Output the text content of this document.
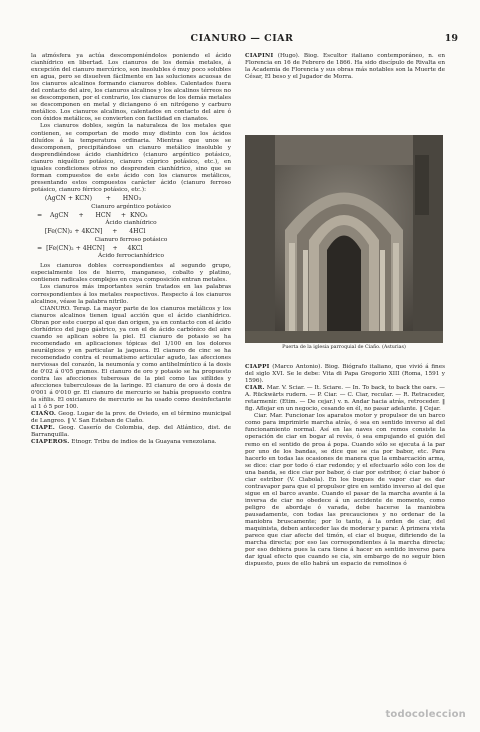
CIANURO — CIAR	19

la atmósfera ya actúa descomponiéndolos poniendo el ácido cianhídrico en libertad. Los cianuros de los demás metales, á excepción del cianuro mercúrico, son insolubles ó muy poco solubles en agua, pero se disuelven fácilmente en las soluciones acuosas de los cianuros alcalinos formando cianuros dobles. Calentados fuera del contacto del aire, los cianuros alcalinos y los alcalinos térreos no se descomponen, por el contrario, los cianuros de los demás metales se descomponen en metal y diciangeno ó en nitrógeno y carburo metálico. Los cianuros alcalinos, calentados en contacto del aire ó con óxidos metálicos, se convierten con facilidad en cianatos.

Los cianuros dobles, según la naturaleza de los metales que contienen, se comportan de modo muy distinto con los ácidos diluídos á la temperatura ordinaria. Mientras que unos se descomponen, precipitándose un cianuro metálico insoluble y desprendiéndose ácido cianhídrico (cianuro argéntico potásico, cianuro niquélico potásico, cianuro cúprico potásico, etc.), en iguales condiciones otros no desprenden cianhídrico, sino que se forman compuestos de este ácido con los cianuros metálicos, presentando estos compuestos carácter ácido (cianuro ferroso potásico, cianuro férrico potásico, etc.):

(AgCN + KCN)       +      HNO₃

Cianuro argéntico potásico

=    AgCN     +      HCN     +  KNO₃

Ácido cianhídrico

[Fe(CN)₂ + 4KCN]     +      4HCl

Cianuro ferroso potásico

=  [Fe(CN)₂ + 4HCN]    +     4KCl

Ácido ferrocianhídrico

Los cianuros dobles correspondientes al segundo grupo, especialmente los de hierro, manganeso, cobalto y platino, contienen radicales complejos en cuya composición entran metales.

Los cianuros más importantes serán tratados en las palabras correspondientes á los metales respectivos. Respecto á los cianuros alcalinos, véase la palabra nitrilo.

CIANURO. Terap. La mayor parte de los cianuros metálicos y los cianuros alcalinos tienen igual acción que el ácido cianhídrico. Obran por este cuerpo al que dan origen, ya en contacto con el ácido clorhídrico del jugo gástrico, ya con el de ácido carbónico del aire cuando se aplican sobre la piel. El cianuro de potasio se ha recomendado en aplicaciones tópicas del 1/100 en los dolores neurálgicos y en particular la jaqueca. El cianuro de cinc se ha recomendado contra el reumatismo articular agudo, las afecciones nerviosas del corazón, la neumonía y como antihelmíntico á la dosis de 0'02 á 0'05 gramos. El cianuro de oro y potasio se ha propuesto contra las afecciones tuberosas de la piel como las sifílides y afecciones tuberculosas de la laringe. El cianuro de oro á dosis de 0'001 á 0'010 gr. El cianuro de mercurio se había propuesto contra la sífilis. El oxicianuro de mercurio se ha usado como desinfectante al 1 ó 5 por 100.

CIAÑO. Geog. Lugar de la prov. de Oviedo, en el término municipal de Langreo. ‖ V. San Esteban de Ciaño.

CIAPE. Geog. Caserío de Colombia, dep. del Atlántico, dist. de Barranquilla.

CIAPEROS. Etnogr. Tribu de indios de la Guayana venezolana.

CIAPINI (Hugo). Biog. Escultor italiano contemporáneo, n. en Florencia en 16 de Febrero de 1866. Ha sido discípulo de Rivalta en la Academia de Florencia y sus obras más notables son la Muerte de César, El beso y el Jugador de Morra.

Puerta de la iglesia parroquial de Ciaño. (Asturias)

CIAPPI (Marco Antonio). Biog. Biógrafo italiano, que vivió á fines del siglo XVI. Se le debe: Vita di Papa Gregorio XIII (Roma, 1591 y 1596).

CIAR. Mar. V. Sciar. — It. Sciare. — In. To back, to back the oars. — A. Rückwärts rudern. — P. Ciar. — C. Ciar, recular. — R. Retraceder, retarmenir. (Etim. — De cejar.) v. n. Andar hacia atrás, retroceder. ‖ fig. Aflojar en un negocio, cesando en él, no pasar adelante. ‖ Cejar.

Ciar. Mar. Funcionar los aparatos motor y propulsor de un barco como para imprimirle marcha atrás, ó sea en sentido inverso al del funcionamiento normal. Así en las naves con remos consiste la operación de ciar en bogar al revés, ó sea empujando el guión del remo en el sentido de proa á popa. Cuando sólo se ejecuta á la par por uno de los bandas, se dice que se cia por babor, etc. Para hacerlo en todas las ocasiones de manera que la embarcación arma, se dice: ciar por todo ó ciar redondo; y el efectuarlo sólo con los de una banda, se dice ciar por babor, ó ciar por estribor, ó ciar babor ó ciar estribor (V. Ciabola). En los buques de vapor ciar es dar contravapor para que el propulsor gire en sentido inverso al del que sigue en el barco avante. Cuando el pasar de la marcha avante á la inversa de ciar no obedece á un accidente de momento, como peligro de abordaje ó varada, debe hacerse la maniobra pausadamente, con todas las precauciones y no ordenar de la maniobra bruscamente; por lo tanto, á la orden de ciar, del maquinista, deben anteceder las de moderar y parar. Á primera vista parece que ciar afecte del timón, el ciar el buque, difiriendo de la marcha directa; por eso las correspondientes á la marcha directa; por eso debiera pues la cara tiene á hacer en sentido inverso para dar igual efecto que cuando se cia, sin embargo de no seguir bien dispuesto, pues de ello habrá un espacio de remolinos ó

todocoleccion
